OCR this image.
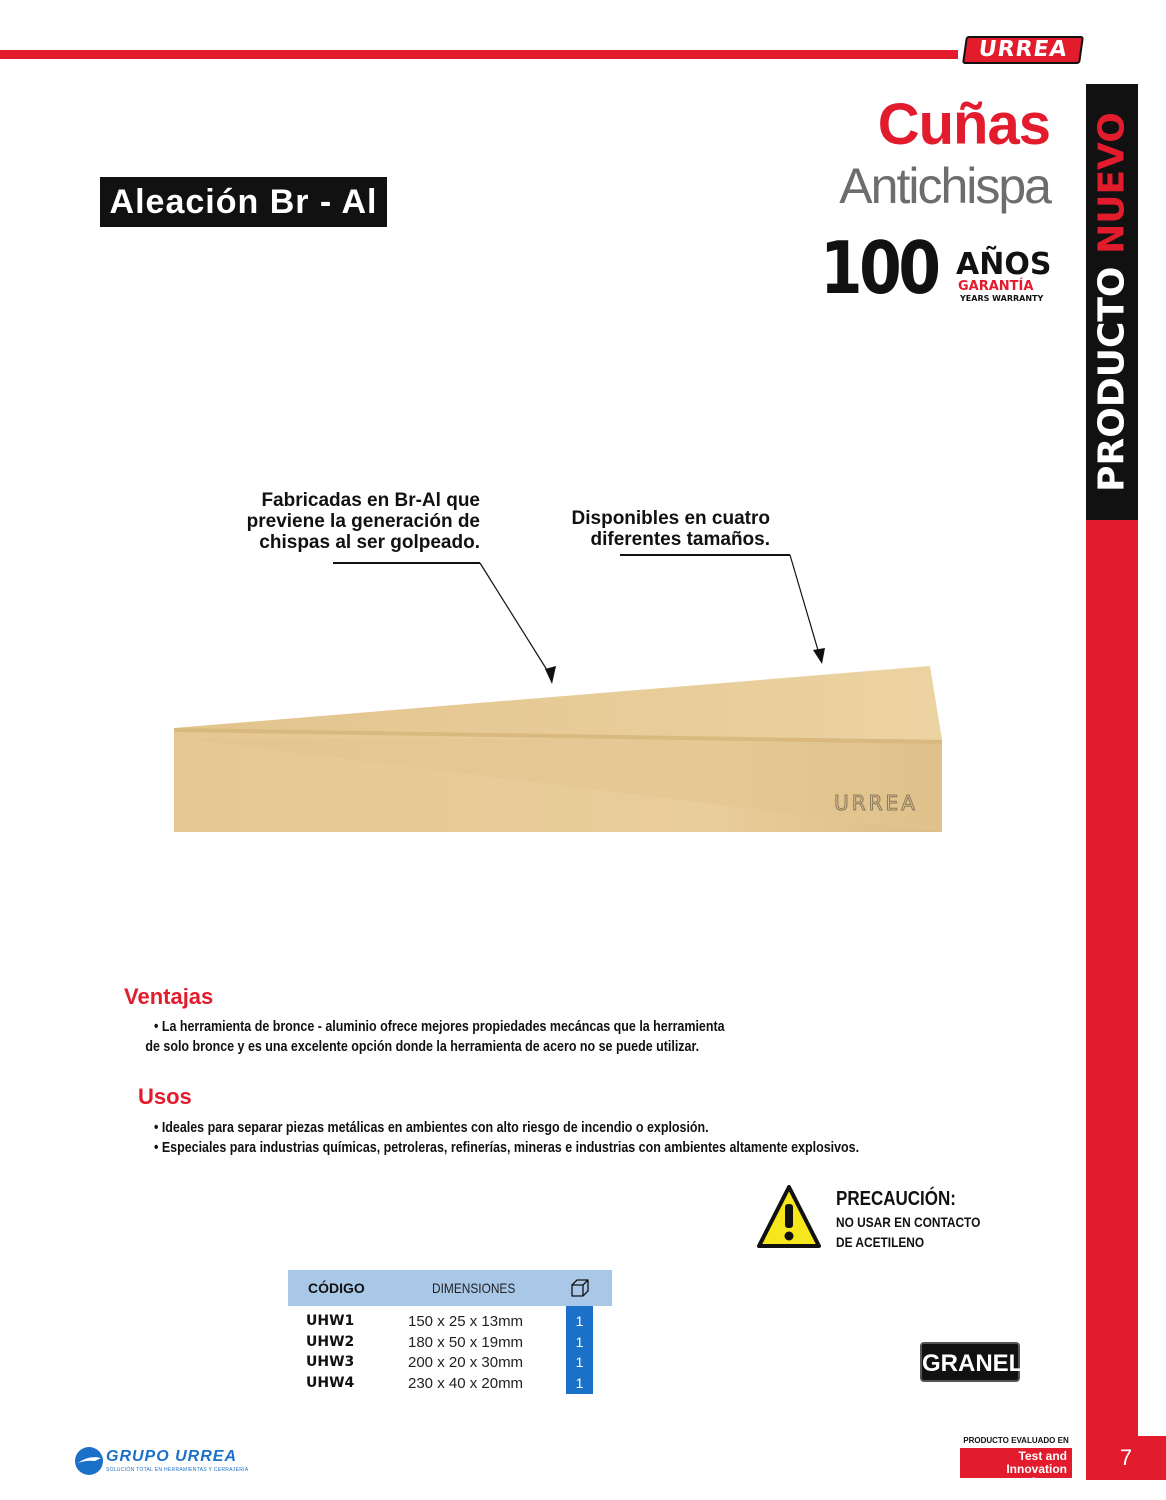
URREA
PRODUCTO NUEVO
7
Cuñas
Antichispa
100 AÑOS
GARANTÍA
YEARS WARRANTY
Aleación Br - Al
Fabricadas en Br-Al que
previene la generación de
chispas al ser golpeado.
Disponibles en cuatro
diferentes tamaños.
URREA
Ventajas
• La herramienta de bronce - aluminio ofrece mejores propiedades mecáncas que la herramienta
de solo bronce y es una excelente opción donde la herramienta de acero no se puede utilizar.
Usos
• Ideales para separar piezas metálicas en ambientes con alto riesgo de incendio o explosión.
• Especiales para industrias químicas, petroleras, refinerías, mineras e industrias con ambientes altamente explosivos.
PRECAUCIÓN:
NO USAR EN CONTACTO
DE ACETILENO
CÓDIGO	DIMENSIONES
UHW1	150 x 25 x 13mm	1
UHW2	180 x 50 x 19mm	1
UHW3	200 x 20 x 30mm	1
UHW4	230 x 40 x 20mm	1
GRANEL
GRUPO URREA
SOLUCIÓN TOTAL EN HERRAMIENTAS Y CERRAJERÍA
PRODUCTO EVALUADO EN
Test and Innovation
Center
